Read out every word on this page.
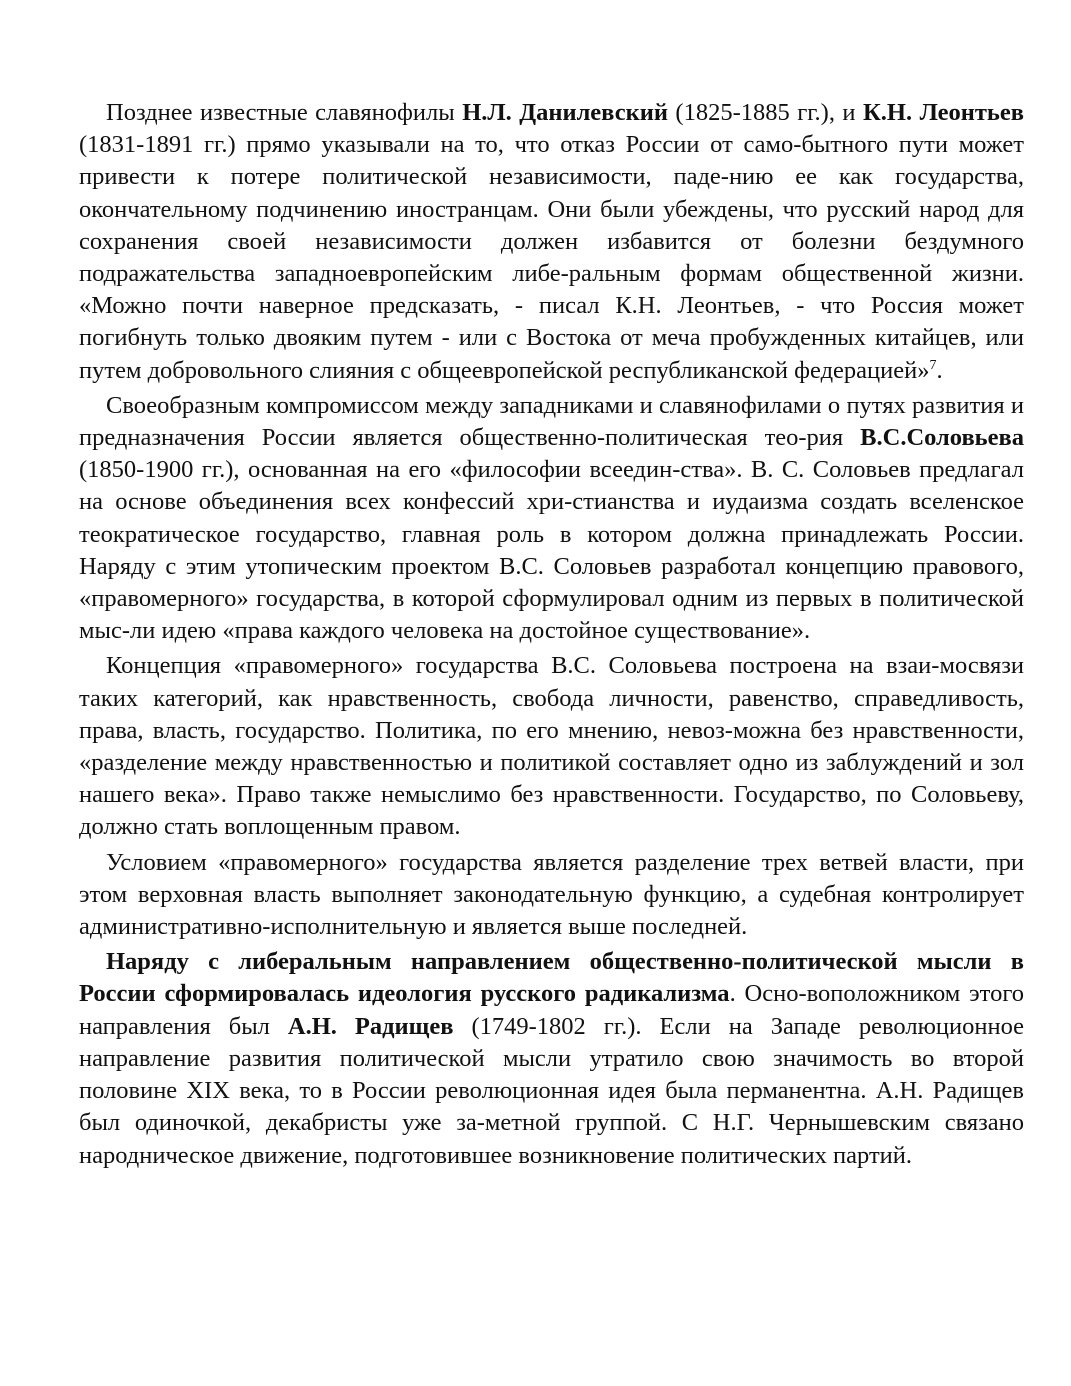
Позднее известные славянофилы Н.Л. Данилевский (1825-1885 гг.), и К.Н. Леонтьев (1831-1891 гг.) прямо указывали на то, что отказ России от само-бытного пути может привести к потере политической независимости, паде-нию ее как государства, окончательному подчинению иностранцам. Они были убеждены, что русский народ для сохранения своей независимости должен избавится от болезни бездумного подражательства западноевропейским либе-ральным формам общественной жизни. «Можно почти наверное предсказать, - писал К.Н. Леонтьев, - что Россия может погибнуть только двояким путем - или с Востока от меча пробужденных китайцев, или путем добровольного слияния с общеевропейской республиканской федерацией»$^7$.

Своеобразным компромиссом между западниками и славянофилами о путях развития и предназначения России является общественно-политическая тео-рия В.С.Соловьева (1850-1900 гг.), основанная на его «философии всеедин-ства». В. С. Соловьев предлагал на основе объединения всех конфессий хри-стианства и иудаизма создать вселенское теократическое государство, главная роль в котором должна принадлежать России. Наряду с этим утопическим проектом В.С. Соловьев разработал концепцию правового, «правомерного» государства, в которой сформулировал одним из первых в политической мыс-ли идею «права каждого человека на достойное существование».

Концепция «правомерного» государства В.С. Соловьева построена на взаи-мосвязи таких категорий, как нравственность, свобода личности, равенство, справедливость, права, власть, государство. Политика, по его мнению, невоз-можна без нравственности, «разделение между нравственностью и политикой составляет одно из заблуждений и зол нашего века». Право также немыслимо без нравственности. Государство, по Соловьеву, должно стать воплощенным правом.

Условием «правомерного» государства является разделение трех ветвей власти, при этом верховная власть выполняет законодательную функцию, а судебная контролирует административно-исполнительную и является выше последней.

Наряду с либеральным направлением общественно-политической мысли в России сформировалась идеология русского радикализма. Осно-воположником этого направления был А.Н. Радищев (1749-1802 гг.). Если на Западе революционное направление развития политической мысли утратило свою значимость во второй половине XIX века, то в России революционная идея была перманентна. А.Н. Радищев был одиночкой, декабристы уже за-метной группой. С Н.Г. Чернышевским связано народническое движение, подготовившее возникновение политических партий.
